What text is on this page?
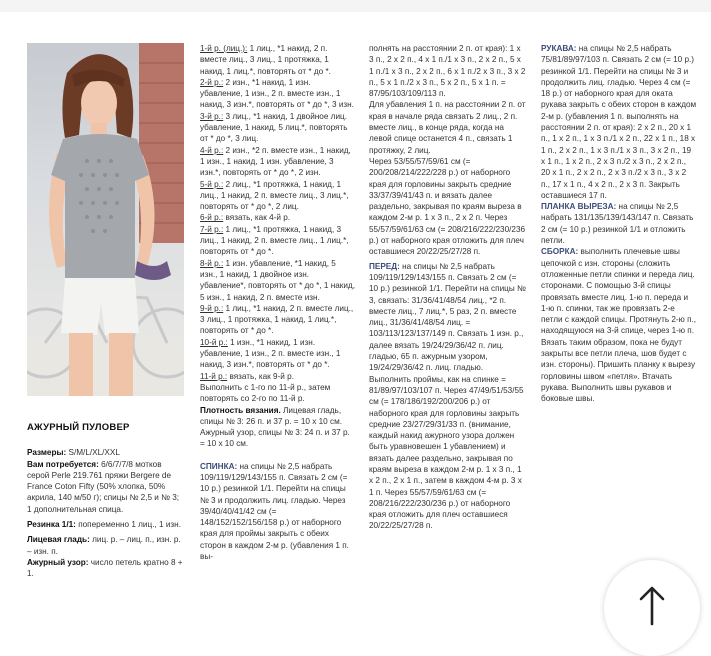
АЖУРНЫЙ ПУЛОВЕР

Размеры: S/M/L/XL/XXL

Вам потребуется: 6/6/7/7/8 мотков серой Perle 219.761 пряжи Bergere de France Coton Fifty (50% хлопка, 50% акрила, 140 м/50 г); спицы № 2,5 и № 3; 1 дополнительная спица.

Резинка 1/1: попеременно 1 лиц., 1 изн.

Лицевая гладь: лиц. р. – лиц. п., изн. р. – изн. п.

Ажурный узор: число петель кратно 8 + 1.

1-й р. (лиц.): 1 лиц., *1 накид, 2 п. вместе лиц., 3 лиц., 1 протяжка, 1 накид, 1 лиц.*, повторять от * до *.

2-й р.: 2 изн., *1 накид, 1 изн. убавление, 1 изн., 2 п. вместе изн., 1 накид, 3 изн.*, повторять от * до *, 3 изн.

3-й р.: 3 лиц., *1 накид, 1 двойное лиц. убавление, 1 накид, 5 лиц.*, повторять от * до *, 3 лиц.

4-й р.: 2 изн., *2 п. вместе изн., 1 накид, 1 изн., 1 накид, 1 изн. убавление, 3 изн.*, повторять от * до *, 2 изн.

5-й р.: 2 лиц., *1 протяжка, 1 накид, 1 лиц., 1 накид, 2 п. вместе лиц., 3 лиц.*, повторять от * до *, 2 лиц.

6-й р.: вязать, как 4-й р.

7-й р.: 1 лиц., *1 протяжка, 1 накид, 3 лиц., 1 накид, 2 п. вместе лиц., 1 лиц.*, повторять от * до *.

8-й р.: 1 изн. убавление, *1 накид, 5 изн., 1 накид, 1 двойное изн. убавление*, повторять от * до *, 1 накид, 5 изн., 1 накид, 2 п. вместе изн.

9-й р.: 1 лиц., *1 накид, 2 п. вместе лиц., 3 лиц., 1 протяжка, 1 накид, 1 лиц.*, повторять от * до *.

10-й р.: 1 изн., *1 накид, 1 изн. убавление, 1 изн., 2 п. вместе изн., 1 накид, 3 изн.*, повторять от * до *.

11-й р.: вязать, как 9-й р.

Выполнить с 1-го по 11-й р., затем повторять со 2-го по 11-й р.

Плотность вязания. Лицевая гладь, спицы № 3: 26 п. и 37 р. = 10 x 10 см. Ажурный узор, спицы № 3: 24 п. и 37 р. = 10 x 10 см.

СПИНКА: на спицы № 2,5 набрать 109/119/129/143/155 п. Связать 2 см (= 10 р.) резинкой 1/1. Перейти на спицы № 3 и продолжить лиц. гладью. Через 39/40/40/41/42 см (= 148/152/152/156/158 р.) от наборного края для проймы закрыть с обеих сторон в каждом 2-м р. (убавления 1 п. вы-

полнять на расстоянии 2 п. от края): 1 x 3 п., 2 x 2 п., 4 x 1 п./1 x 3 п., 2 x 2 п., 5 x 1 п./1 x 3 п., 2 x 2 п., 6 x 1 п./2 x 3 п., 3 x 2 п., 5 x 1 п./2 x 3 п., 5 x 2 п., 5 x 1 п. = 87/95/103/109/113 п.

Для убавления 1 п. на расстоянии 2 п. от края в начале ряда связать 2 лиц., 2 п. вместе лиц., в конце ряда, когда на левой спице останется 4 п., связать 1 протяжку, 2 лиц.

Через 53/55/57/59/61 см (= 200/208/214/222/228 р.) от наборного края для горловины закрыть средние 33/37/39/41/43 п. и вязать далее раздельно, закрывая по краям выреза в каждом 2-м р. 1 x 3 п., 2 x 2 п. Через 55/57/59/61/63 см (= 208/216/222/230/236 р.) от наборного края отложить для плеч оставшиеся 20/22/25/27/28 п.

ПЕРЕД: на спицы № 2,5 набрать 109/119/129/143/155 п. Связать 2 см (= 10 р.) резинкой 1/1. Перейти на спицы № 3, связать: 31/36/41/48/54 лиц., *2 п. вместе лиц., 7 лиц.*, 5 раз, 2 п. вместе лиц., 31/36/41/48/54 лиц. = 103/113/123/137/149 п. Связать 1 изн. р., далее вязать 19/24/29/36/42 п. лиц. гладью, 65 п. ажурным узором, 19/24/29/36/42 п. лиц. гладью. Выполнить проймы, как на спинке = 81/89/97/103/107 п. Через 47/49/51/53/55 см (= 178/186/192/200/206 р.) от наборного края для горловины закрыть средние 23/27/29/31/33 п. (внимание, каждый накид ажурного узора должен быть уравновешен 1 убавлением) и вязать далее раздельно, закрывая по краям выреза в каждом 2-м р. 1 x 3 п., 1 x 2 п., 2 x 1 п., затем в каждом 4-м р. 3 x 1 п. Через 55/57/59/61/63 см (= 208/216/222/230/236 р.) от наборного края отложить для плеч оставшиеся 20/22/25/27/28 п.

РУКАВА: на спицы № 2,5 набрать 75/81/89/97/103 п. Связать 2 см (= 10 р.) резинкой 1/1. Перейти на спицы № 3 и продолжить лиц. гладью. Через 4 см (= 18 р.) от наборного края для оката рукава закрыть с обеих сторон в каждом 2-м р. (убавления 1 п. выполнять на расстоянии 2 п. от края): 2 x 2 п., 20 x 1 п., 1 x 2 п., 1 x 3 п./1 x 2 п., 22 x 1 п., 18 x 1 п., 2 x 2 п., 1 x 3 п./1 x 3 п., 3 x 2 п., 19 x 1 п., 1 x 2 п., 2 x 3 п./2 x 3 п., 2 x 2 п., 20 x 1 п., 2 x 2 п., 2 x 3 п./2 x 3 п., 3 x 2 п., 17 x 1 п., 4 x 2 п., 2 x 3 п. Закрыть оставшиеся 17 п.

ПЛАНКА ВЫРЕЗА: на спицы № 2,5 набрать 131/135/139/143/147 п. Связать 2 см (= 10 р.) резинкой 1/1 и отложить петли.

СБОРКА: выполнить плечевые швы цепочкой с изн. стороны (сложить отложенные петли спинки и переда лиц. сторонами. С помощью 3-й спицы провязать вместе лиц. 1-ю п. переда и 1-ю п. спинки, так же провязать 2-е петли с каждой спицы. Протянуть 2-ю п., находящуюся на 3-й спице, через 1-ю п. Вязать таким образом, пока не будут закрыты все петли плеча, шов будет с изн. стороны). Пришить планку к вырезу горловины швом «петля». Втачать рукава. Выполнить швы рукавов и боковые швы.
